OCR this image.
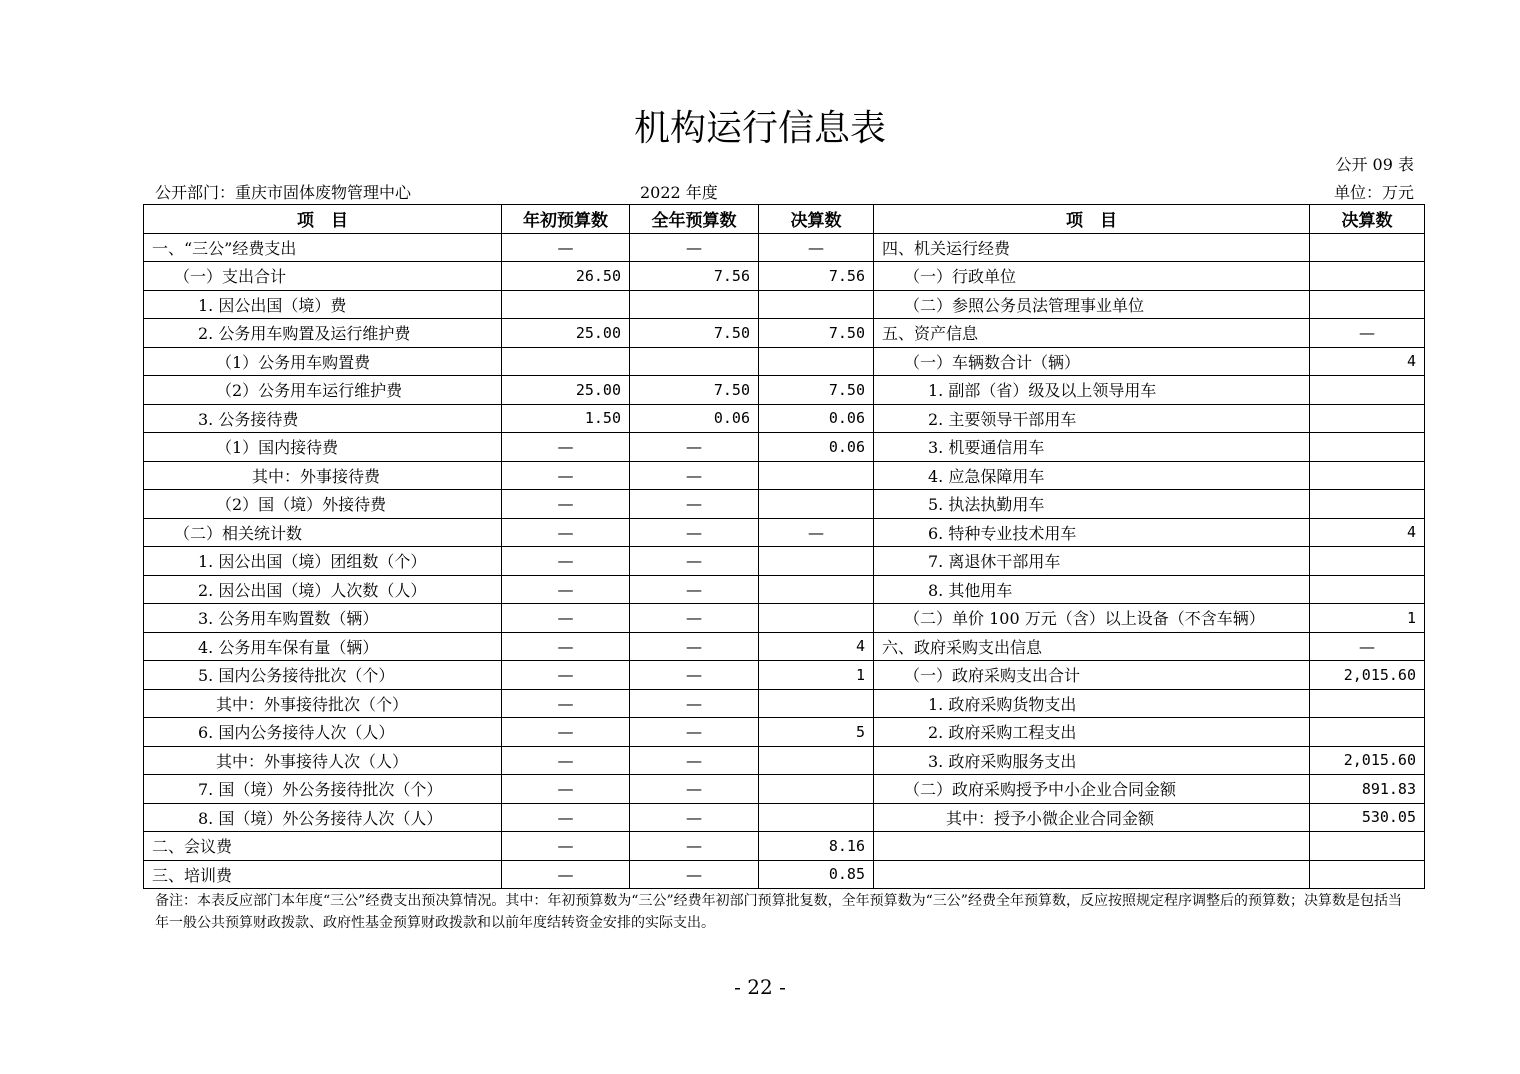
机构运行信息表
公开 09 表
公开部门：重庆市固体废物管理中心	2022 年度	单位：万元
项　目	年初预算数	全年预算数	决算数	项　目	决算数
一、“三公”经费支出	—	—	—	四、机关运行经费	
（一）支出合计	26.50	7.56	7.56	（一）行政单位	
1. 因公出国（境）费				（二）参照公务员法管理事业单位	
2. 公务用车购置及运行维护费	25.00	7.50	7.50	五、资产信息	—
（1）公务用车购置费				（一）车辆数合计（辆）	4
（2）公务用车运行维护费	25.00	7.50	7.50	1. 副部（省）级及以上领导用车	
3. 公务接待费	1.50	0.06	0.06	2. 主要领导干部用车	
（1）国内接待费	—	—	0.06	3. 机要通信用车	
其中：外事接待费	—	—		4. 应急保障用车	
（2）国（境）外接待费	—	—		5. 执法执勤用车	
（二）相关统计数	—	—	—	6. 特种专业技术用车	4
1. 因公出国（境）团组数（个）	—	—		7. 离退休干部用车	
2. 因公出国（境）人次数（人）	—	—		8. 其他用车	
3. 公务用车购置数（辆）	—	—		（二）单价 100 万元（含）以上设备（不含车辆）	1
4. 公务用车保有量（辆）	—	—	4	六、政府采购支出信息	—
5. 国内公务接待批次（个）	—	—	1	（一）政府采购支出合计	2,015.60
其中：外事接待批次（个）	—	—		1. 政府采购货物支出	
6. 国内公务接待人次（人）	—	—	5	2. 政府采购工程支出	
其中：外事接待人次（人）	—	—		3. 政府采购服务支出	2,015.60
7. 国（境）外公务接待批次（个）	—	—		（二）政府采购授予中小企业合同金额	891.83
8. 国（境）外公务接待人次（人）	—	—		其中：授予小微企业合同金额	530.05
二、会议费	—	—	8.16		
三、培训费	—	—	0.85		
备注：本表反应部门本年度“三公”经费支出预决算情况。其中：年初预算数为“三公”经费年初部门预算批复数，全年预算数为“三公”经费全年预算数，反应按照规定程序调整后的预算数；决算数是包括当年一般公共预算财政拨款、政府性基金预算财政拨款和以前年度结转资金安排的实际支出。
- 22 -
